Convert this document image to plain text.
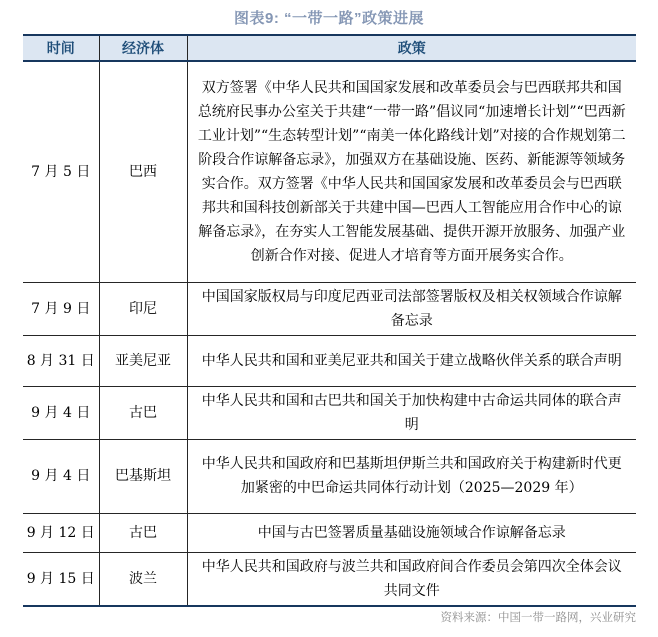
图表9: “一带一路”政策进展
时间	经济体	政策
7 月 5 日	巴西	双方签署《中华人民共和国国家发展和改革委员会与巴西联邦共和国总统府民事办公室关于共建“一带一路”倡议同“加速增长计划”“巴西新工业计划”“生态转型计划”“南美一体化路线计划”对接的合作规划第二阶段合作谅解备忘录》，加强双方在基础设施、医药、新能源等领域务实合作。双方签署《中华人民共和国国家发展和改革委员会与巴西联邦共和国科技创新部关于共建中国—巴西人工智能应用合作中心的谅解备忘录》，在夯实人工智能发展基础、提供开源开放服务、加强产业创新合作对接、促进人才培育等方面开展务实合作。
7 月 9 日	印尼	中国国家版权局与印度尼西亚司法部签署版权及相关权领域合作谅解备忘录
8 月 31 日	亚美尼亚	中华人民共和国和亚美尼亚共和国关于建立战略伙伴关系的联合声明
9 月 4 日	古巴	中华人民共和国和古巴共和国关于加快构建中古命运共同体的联合声明
9 月 4 日	巴基斯坦	中华人民共和国政府和巴基斯坦伊斯兰共和国政府关于构建新时代更加紧密的中巴命运共同体行动计划（2025—2029 年）
9 月 12 日	古巴	中国与古巴签署质量基础设施领域合作谅解备忘录
9 月 15 日	波兰	中华人民共和国政府与波兰共和国政府间合作委员会第四次全体会议共同文件
资料来源：中国一带一路网，兴业研究
